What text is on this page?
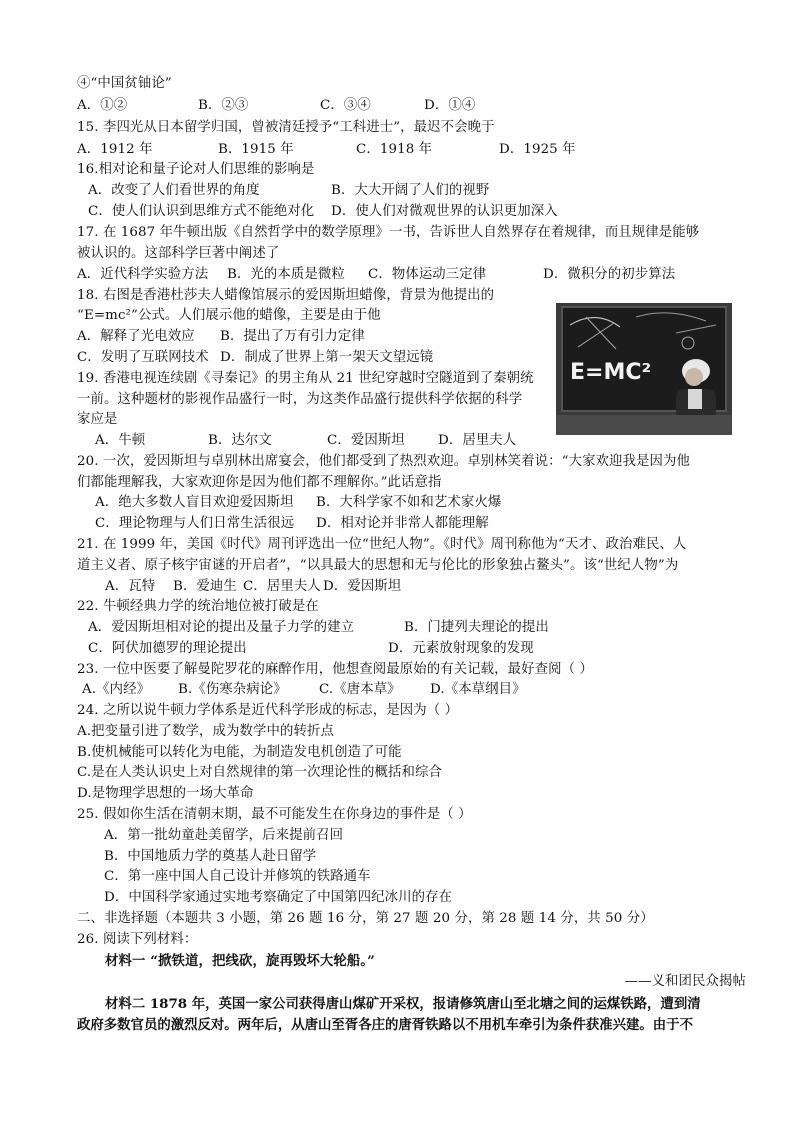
④“中国贫铀论”
A．①②	B．②③	C．③④	D．①④
15. 李四光从日本留学归国，曾被清廷授予“工科进士”，最迟不会晚于
A．1912 年	B．1915 年	C．1918 年	D．1925 年
16.相对论和量子论对人们思维的影响是
A．改变了人们看世界的角度	B．大大开阔了人们的视野
C．使人们认识到思维方式不能绝对化 D．使人们对微观世界的认识更加深入
17. 在 1687 年牛顿出版《自然哲学中的数学原理》一书，告诉世人自然界存在着规律，而且规律是能够
被认识的。这部科学巨著中阐述了
A．近代科学实验方法 B．光的本质是微粒 C．物体运动三定律	D．微积分的初步算法
18. 右图是香港杜莎夫人蜡像馆展示的爱因斯坦蜡像，背景为他提出的
“E=mc²”公式。人们展示他的蜡像，主要是由于他
A．解释了光电效应 B．提出了万有引力定律
C．发明了互联网技术 D．制成了世界上第一架天文望远镜
E=MC²
19. 香港电视连续剧《寻秦记》的男主角从 21 世纪穿越时空隧道到了秦朝统
一前。这种题材的影视作品盛行一时，为这类作品盛行提供科学依据的科学
家应是
A．牛顿	B．达尔文	C．爱因斯坦 D．居里夫人
20. 一次，爱因斯坦与卓别林出席宴会，他们都受到了热烈欢迎。卓别林笑着说：“大家欢迎我是因为他
们都能理解我，大家欢迎你是因为他们都不理解你。”此话意指
A．绝大多数人盲目欢迎爱因斯坦 B．大科学家不如和艺术家火爆
C．理论物理与人们日常生活很远 D．相对论并非常人都能理解
21. 在 1999 年，美国《时代》周刊评选出一位“世纪人物”。《时代》周刊称他为“天才、政治难民、人
道主义者、原子核宇宙谜的开启者”，“以具最大的思想和无与伦比的形象独占鳌头”。该“世纪人物”为
A．瓦特 B．爱迪生 C．居里夫人 D．爱因斯坦
22. 牛顿经典力学的统治地位被打破是在
A．爱因斯坦相对论的提出及量子力学的建立	B．门捷列夫理论的提出
C．阿伏加德罗的理论提出	D．元素放射现象的发现
23. 一位中医要了解曼陀罗花的麻醉作用，他想查阅最原始的有关记载，最好查阅（ ）
A.《内经》 B.《伤寒杂病论》 C.《唐本草》 D.《本草纲目》
24. 之所以说牛顿力学体系是近代科学形成的标志，是因为（ ）
A.把变量引进了数学，成为数学中的转折点
B.使机械能可以转化为电能，为制造发电机创造了可能
C.是在人类认识史上对自然规律的第一次理论性的概括和综合
D.是物理学思想的一场大革命
25. 假如你生活在清朝末期，最不可能发生在你身边的事件是（ ）
A．第一批幼童赴美留学，后来提前召回
B．中国地质力学的奠基人赴日留学
C．第一座中国人自己设计并修筑的铁路通车
D．中国科学家通过实地考察确定了中国第四纪冰川的存在
二、非选择题（本题共 3 小题，第 26 题 16 分，第 27 题 20 分，第 28 题 14 分，共 50 分）
26. 阅读下列材料：
材料一 “掀铁道，把线砍，旋再毁坏大轮船。”
——义和团民众揭帖
材料二 1878 年，英国一家公司获得唐山煤矿开采权，报请修筑唐山至北塘之间的运煤铁路，遭到清
政府多数官员的激烈反对。两年后，从唐山至胥各庄的唐胥铁路以不用机车牵引为条件获准兴建。由于不
